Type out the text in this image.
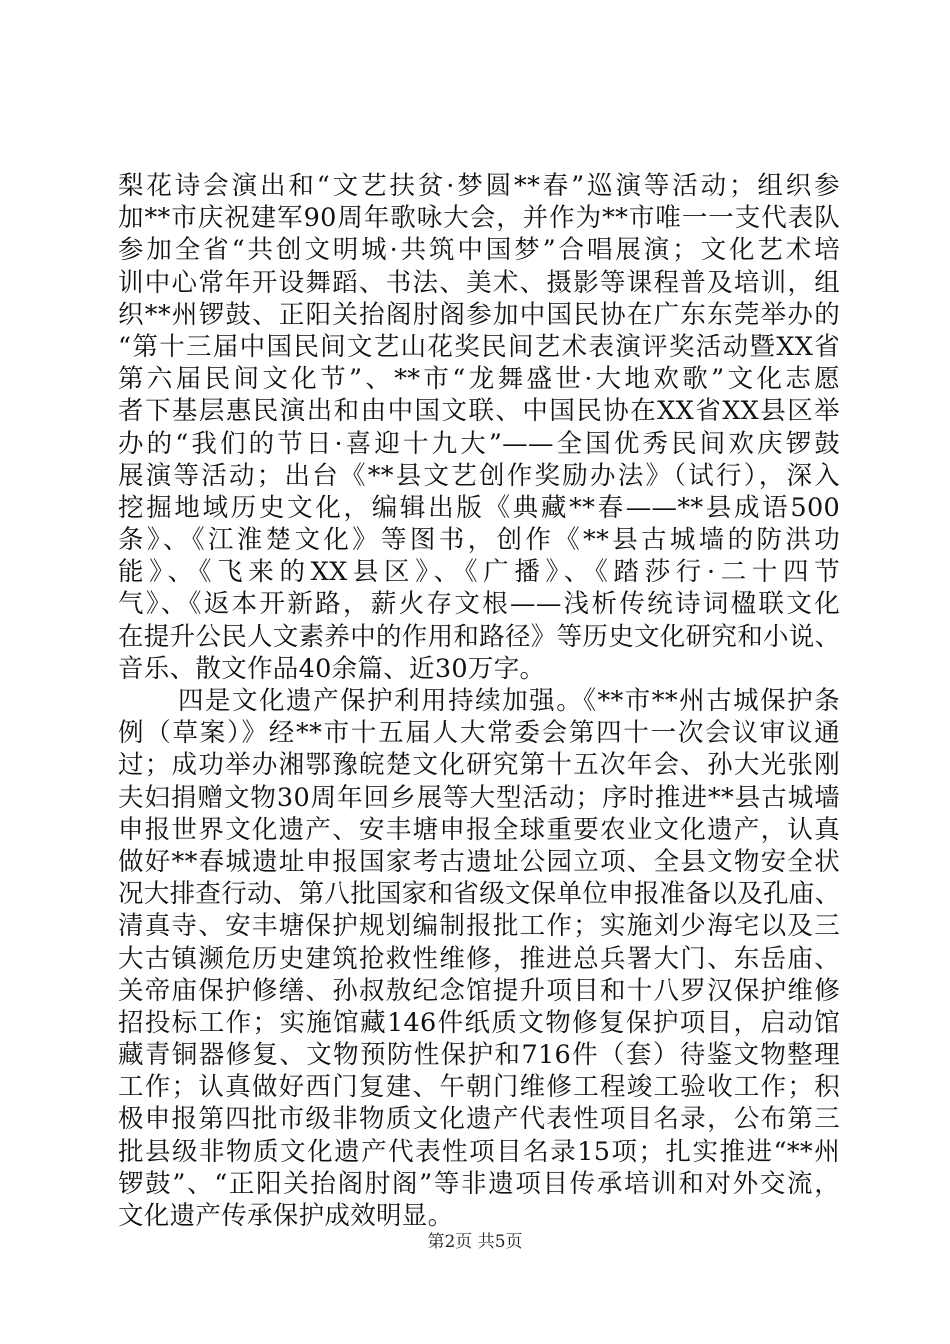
梨花诗会演出和“文艺扶贫·梦圆**春”巡演等活动；组织参
加**市庆祝建军90周年歌咏大会，并作为**市唯一一支代表队
参加全省“共创文明城·共筑中国梦”合唱展演；文化艺术培
训中心常年开设舞蹈、书法、美术、摄影等课程普及培训，组
织**州锣鼓、正阳关抬阁肘阁参加中国民协在广东东莞举办的
“第十三届中国民间文艺山花奖民间艺术表演评奖活动暨XX省
第六届民间文化节”、**市“龙舞盛世·大地欢歌”文化志愿
者下基层惠民演出和由中国文联、中国民协在XX省XX县区举
办的“我们的节日·喜迎十九大”——全国优秀民间欢庆锣鼓
展演等活动；出台《**县文艺创作奖励办法》（试行），深入
挖掘地域历史文化，编辑出版《典藏**春——**县成语500
条》、《江淮楚文化》等图书，创作《**县古城墙的防洪功
能》、《飞来的XX县区》、《广播》、《踏莎行·二十四节
气》、《返本开新路，薪火存文根——浅析传统诗词楹联文化
在提升公民人文素养中的作用和路径》等历史文化研究和小说、
音乐、散文作品40余篇、近30万字。
四是文化遗产保护利用持续加强。《**市**州古城保护条
例（草案）》经**市十五届人大常委会第四十一次会议审议通
过；成功举办湘鄂豫皖楚文化研究第十五次年会、孙大光张刚
夫妇捐赠文物30周年回乡展等大型活动；序时推进**县古城墙
申报世界文化遗产、安丰塘申报全球重要农业文化遗产，认真
做好**春城遗址申报国家考古遗址公园立项、全县文物安全状
况大排查行动、第八批国家和省级文保单位申报准备以及孔庙、
清真寺、安丰塘保护规划编制报批工作；实施刘少海宅以及三
大古镇濒危历史建筑抢救性维修，推进总兵署大门、东岳庙、
关帝庙保护修缮、孙叔敖纪念馆提升项目和十八罗汉保护维修
招投标工作；实施馆藏146件纸质文物修复保护项目，启动馆
藏青铜器修复、文物预防性保护和716件（套）待鉴文物整理
工作；认真做好西门复建、午朝门维修工程竣工验收工作；积
极申报第四批市级非物质文化遗产代表性项目名录，公布第三
批县级非物质文化遗产代表性项目名录15项；扎实推进“**州
锣鼓”、“正阳关抬阁肘阁”等非遗项目传承培训和对外交流，
文化遗产传承保护成效明显。
第2页 共5页
